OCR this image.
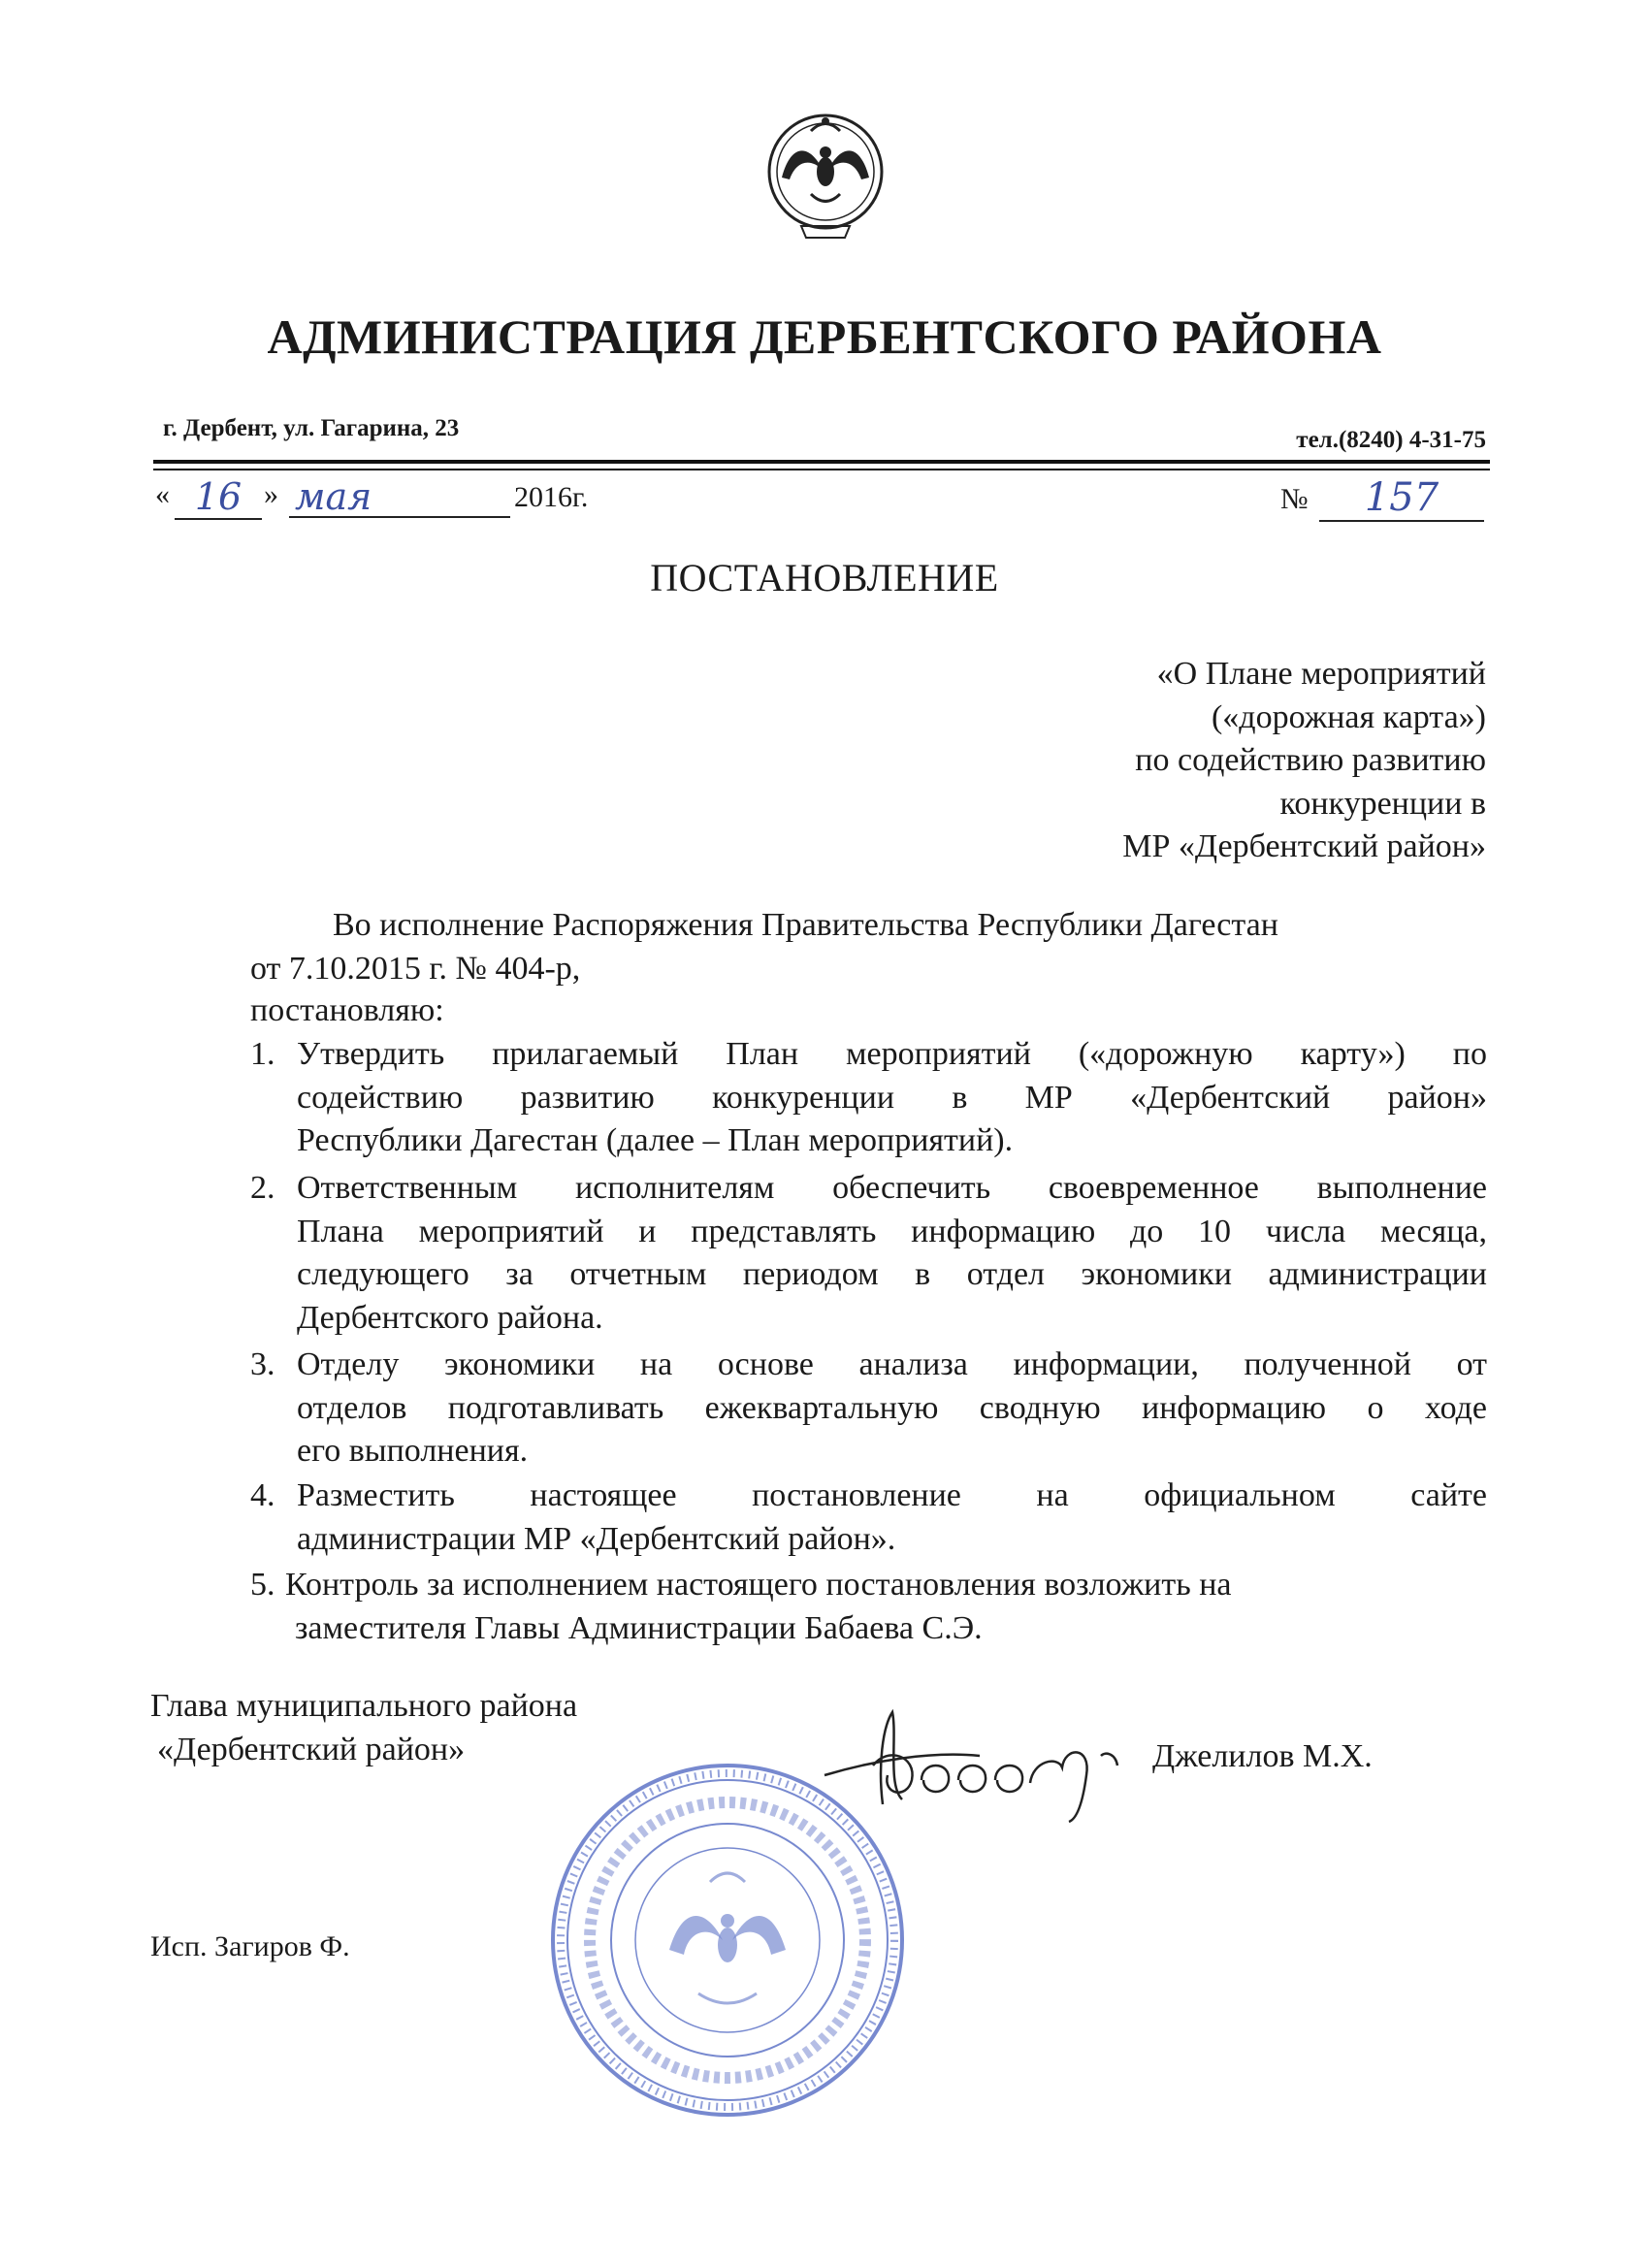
АДМИНИСТРАЦИЯ ДЕРБЕНТСКОГО РАЙОНА
г. Дербент, ул. Гагарина, 23	тел.(8240) 4-31-75
« 16 » мая	2016г.	№	157
ПОСТАНОВЛЕНИЕ
«О Плане мероприятий
(«дорожная карта»)
по содействию развитию
конкуренции в
МР «Дербентский район»
Во исполнение Распоряжения Правительства Республики Дагестан
от 7.10.2015 г. № 404-р,
постановляю:
1. Утвердить прилагаемый План мероприятий («дорожную карту») по
содействию развитию конкуренции в МР «Дербентский район»
Республики Дагестан (далее – План мероприятий).
2. Ответственным исполнителям обеспечить своевременное выполнение
Плана мероприятий и представлять информацию до 10 числа месяца,
следующего за отчетным периодом в отдел экономики администрации
Дербентского района.
3. Отделу экономики на основе анализа информации, полученной от
отделов подготавливать ежеквартальную сводную информацию о ходе
его выполнения.
4. Разместить настоящее постановление на официальном сайте
администрации МР «Дербентский район».
5. Контроль за исполнением настоящего постановления возложить на
заместителя Главы Администрации Бабаева С.Э.
Глава муниципального района
«Дербентский район»	Джелилов М.Х.
Исп. Загиров Ф.
